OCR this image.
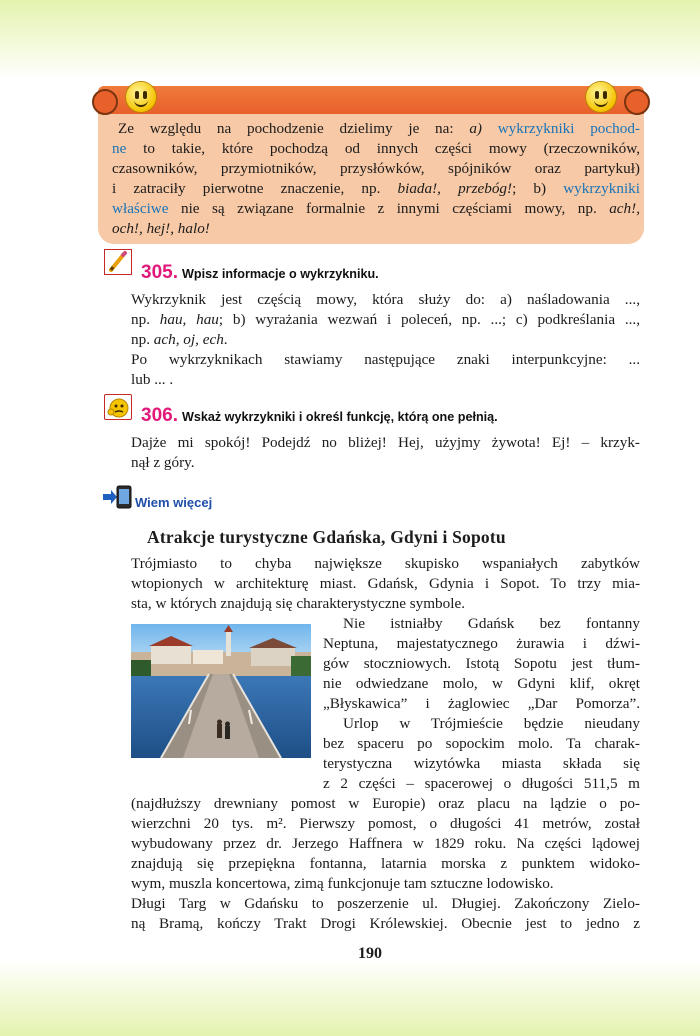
Ze względu na pochodzenie dzielimy je na: a) wykrzykniki pochod-
ne to takie, które pochodzą od innych części mowy (rzeczowników,
czasowników, przymiotników, przysłówków, spójników oraz partykuł)
i zatraciły pierwotne znaczenie, np. biada!, przebóg!; b) wykrzykniki
właściwe nie są związane formalnie z innymi częściami mowy, np. ach!,
och!, hej!, halo!
305. Wpisz informacje o wykrzykniku.
Wykrzyknik jest częścią mowy, która służy do: a) naśladowania ...,
np. hau, hau; b) wyrażania wezwań i poleceń, np. ...; c) podkreślania ...,
np. ach, oj, ech.
Po wykrzyknikach stawiamy następujące znaki interpunkcyjne: ...
lub ... .
306. Wskaż wykrzykniki i określ funkcję, którą one pełnią.
Dajże mi spokój! Podejdź no bliżej! Hej, użyjmy żywota! Ej! – krzyk-
nął z góry.
Wiem więcej
Atrakcje turystyczne Gdańska, Gdyni i Sopotu
Trójmiasto to chyba największe skupisko wspaniałych zabytków
wtopionych w architekturę miast. Gdańsk, Gdynia i Sopot. To trzy mia-
sta, w których znajdują się charakterystyczne symbole.
Nie istniałby Gdańsk bez fontanny
Neptuna, majestatycznego żurawia i dźwi-
gów stoczniowych. Istotą Sopotu jest tłum-
nie odwiedzane molo, w Gdyni klif, okręt
„Błyskawica” i żaglowiec „Dar Pomorza”.
Urlop w Trójmieście będzie nieudany
bez spaceru po sopockim molo. Ta charak-
terystyczna wizytówka miasta składa się
z 2 części – spacerowej o długości 511,5 m
(najdłuższy drewniany pomost w Europie) oraz placu na lądzie o po-
wierzchni 20 tys. m². Pierwszy pomost, o długości 41 metrów, został
wybudowany przez dr. Jerzego Haffnera w 1829 roku. Na części lądowej
znajdują się przepiękna fontanna, latarnia morska z punktem widoko-
wym, muszla koncertowa, zimą funkcjonuje tam sztuczne lodowisko.
Długi Targ w Gdańsku to poszerzenie ul. Długiej. Zakończony Zielo-
ną Bramą, kończy Trakt Drogi Królewskiej. Obecnie jest to jedno z
190
